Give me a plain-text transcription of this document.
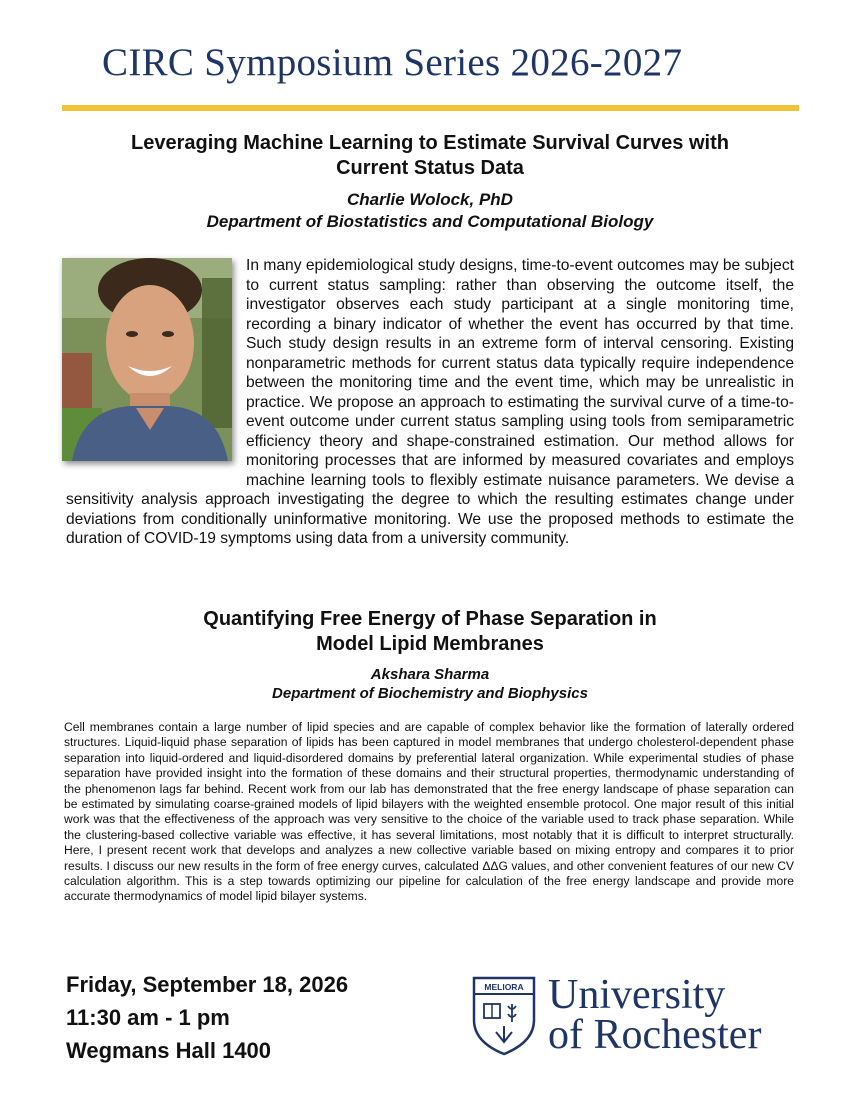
CIRC Symposium Series 2026-2027
Leveraging Machine Learning to Estimate Survival Curves with
Current Status Data
Charlie Wolock, PhD
Department of Biostatistics and Computational Biology
In many epidemiological study designs, time-to-event outcomes may be subject to current status sampling: rather than observing the outcome itself, the investigator observes each study participant at a single monitoring time, recording a binary indicator of whether the event has occurred by that time. Such study design results in an extreme form of interval censoring. Existing nonparametric methods for current status data typically require independence between the monitoring time and the event time, which may be unrealistic in practice. We propose an approach to estimating the survival curve of a time-to-event outcome under current status sampling using tools from semiparametric efficiency theory and shape-constrained estimation. Our method allows for monitoring processes that are informed by measured covariates and employs machine learning tools to flexibly estimate nuisance parameters. We devise a sensitivity analysis approach investigating the degree to which the resulting estimates change under deviations from conditionally uninformative monitoring. We use the proposed methods to estimate the duration of COVID-19 symptoms using data from a university community.
Quantifying Free Energy of Phase Separation in
Model Lipid Membranes
Akshara Sharma
Department of Biochemistry and Biophysics

Cell membranes contain a large number of lipid species and are capable of complex behavior like the formation of laterally ordered structures. Liquid-liquid phase separation of lipids has been captured in model membranes that undergo cholesterol-dependent phase separation into liquid-ordered and liquid-disordered domains by preferential lateral organization. While experimental studies of phase separation have provided insight into the formation of these domains and their structural properties, thermodynamic understanding of the phenomenon lags far behind. Recent work from our lab has demonstrated that the free energy landscape of phase separation can be estimated by simulating coarse-grained models of lipid bilayers with the weighted ensemble protocol. One major result of this initial work was that the effectiveness of the approach was very sensitive to the choice of the variable used to track phase separation. While the clustering-based collective variable was effective, it has several limitations, most notably that it is difficult to interpret structurally. Here, I present recent work that develops and analyzes a new collective variable based on mixing entropy and compares it to prior results. I discuss our new results in the form of free energy curves, calculated ΔΔG values, and other convenient features of our new CV calculation algorithm. This is a step towards optimizing our pipeline for calculation of the free energy landscape and provide more accurate thermodynamics of model lipid bilayer systems.

Friday, September 18, 2026
11:30 am - 1 pm
Wegmans Hall 1400
MELIORA University
of Rochester
